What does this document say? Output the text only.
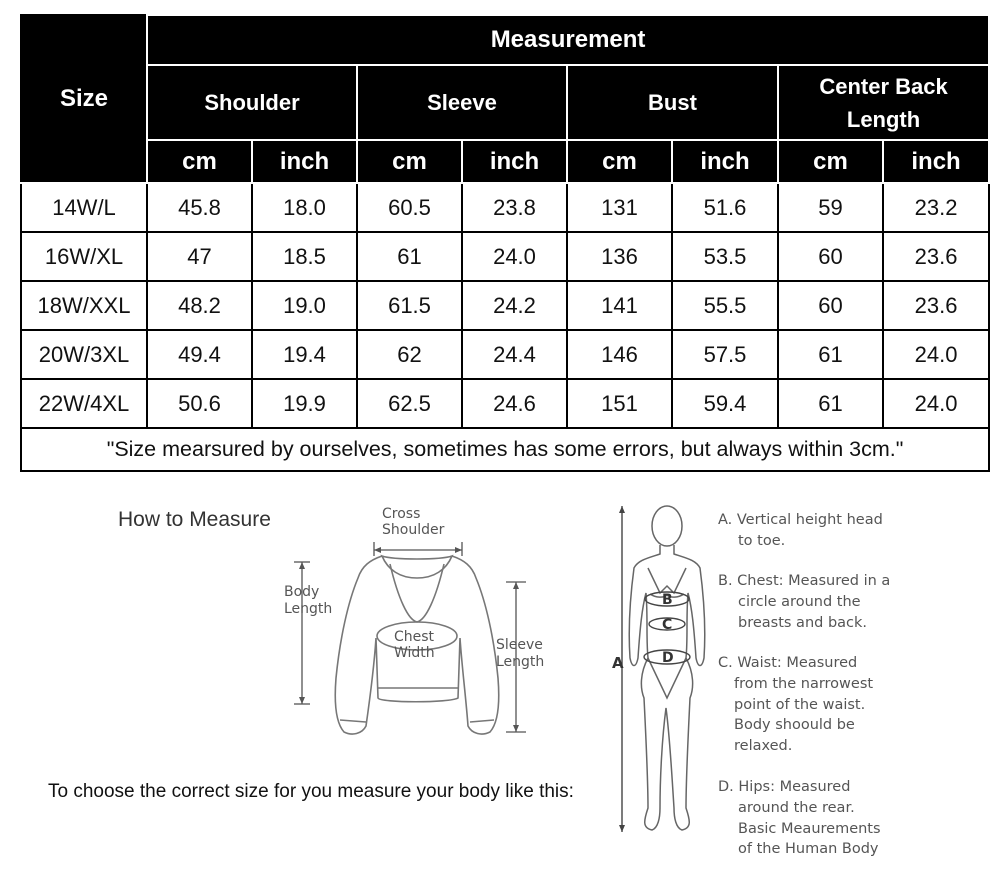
Size	Measurement							
	Shoulder		Sleeve		Bust		Center Back Length	
	cm	inch	cm	inch	cm	inch	cm	inch
14W/L	45.8	18.0	60.5	23.8	131	51.6	59	23.2
16W/XL	47	18.5	61	24.0	136	53.5	60	23.6
18W/XXL	48.2	19.0	61.5	24.2	141	55.5	60	23.6
20W/3XL	49.4	19.4	62	24.4	146	57.5	61	24.0
22W/4XL	50.6	19.9	62.5	24.6	151	59.4	61	24.0
"Size mearsured by ourselves, sometimes has some errors, but always within 3cm."								
How to Measure	Cross
Shoulder
Body
Length
Chest
Width	Sleeve
Length
To choose the correct size for you measure your body like this:
A
B
C
D
A. Vertical height head
to toe.
B. Chest: Measured in a
circle around the
breasts and back.
C. Waist: Measured
from the narrowest
point of the waist.
Body shoould be
relaxed.
D. Hips: Measured
around the rear.
Basic Meaurements
of the Human Body
